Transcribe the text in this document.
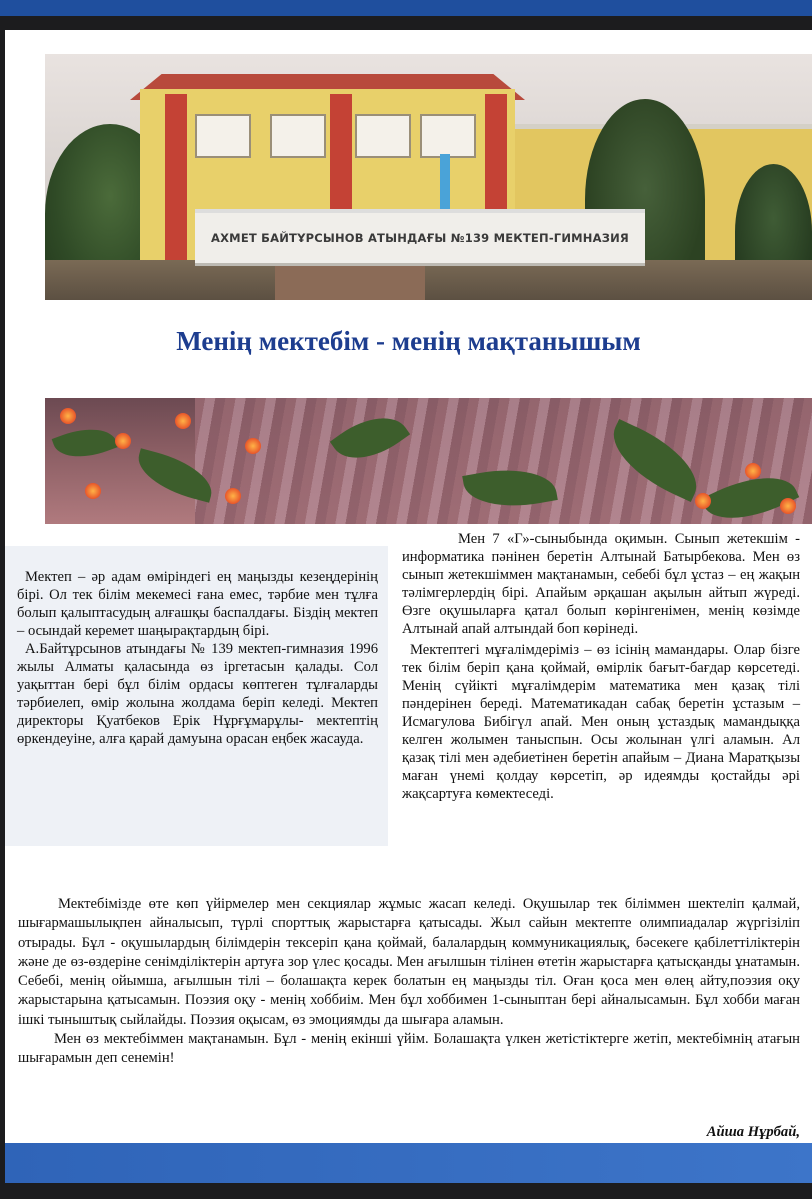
АХМЕТ БАЙТҰРСЫНОВ АТЫНДАҒЫ №139 МЕКТЕП-ГИМНАЗИЯ
Менің мектебім - менің мақтанышым

Мектеп – әр адам өміріндегі ең маңызды кезеңдерінің бірі. Ол тек білім мекемесі ғана емес, тәрбие мен тұлға болып қалыптасудың алғашқы баспалдағы. Біздің мектеп – осындай керемет шаңырақтардың бірі.

А.Байтұрсынов атындағы № 139 мектеп-гимназия 1996 жылы Алматы қаласында өз іргетасын қалады. Сол уақыттан бері бұл білім ордасы көптеген тұлғаларды тәрбиелеп, өмір жолына жолдама беріп келеді. Мектеп директоры Қуатбеков Ерік Нұрғұмарұлы- мектептің өркендеуіне, алға қарай дамуына орасан еңбек жасауда.

Мен 7 «Г»-сыныбында оқимын. Сынып жетекшім - информатика пәнінен беретін Алтынай Батырбекова. Мен өз сынып жетекшіммен мақтанамын, себебі бұл ұстаз – ең жақын тәлімгерлердің бірі. Апайым әрқашан ақылын айтып жүреді. Өзге оқушыларға қатал болып көрінгенімен, менің көзімде Алтынай апай алтындай боп көрінеді.

Мектептегі мұғалімдеріміз – өз ісінің мамандары. Олар бізге тек білім беріп қана қоймай, өмірлік бағыт-бағдар көрсетеді. Менің сүйікті мұғалімдерім математика мен қазақ тілі пәндерінен береді. Математикадан сабақ беретін ұстазым – Исмагулова Бибігүл апай. Мен оның ұстаздық мамандыққа келген жолымен таныспын. Осы жолынан үлгі аламын. Ал қазақ тілі мен әдебиетінен беретін апайым – Диана Маратқызы маған үнемі қолдау көрсетіп, әр идеямды қостайды әрі жақсартуға көмектеседі.

Мектебімізде өте көп үйірмелер мен секциялар жұмыс жасап келеді. Оқушылар тек біліммен шектеліп қалмай, шығармашылықпен айналысып, түрлі спорттық жарыстарға қатысады. Жыл сайын мектепте олимпиадалар жүргізіліп отырады. Бұл - оқушылардың білімдерін тексеріп қана қоймай, балалардың коммуникациялық, бәсекеге қабілеттіліктерін және де өз-өздеріне сенімділіктерін артуға зор үлес қосады. Мен ағылшын тілінен өтетін жарыстарға қатысқанды ұнатамын. Себебі, менің ойымша, ағылшын тілі – болашақта керек болатын ең маңызды тіл. Оған қоса мен өлең айту,поэзия оқу жарыстарына қатысамын. Поэзия оқу - менің хоббиім. Мен бұл хоббимен 1-сыныптан бері айналысамын. Бұл хобби маған ішкі тыныштық сыйлайды. Поэзия оқысам, өз эмоциямды да шығара аламын.

Мен өз мектебіммен мақтанамын. Бұл - менің екінші үйім. Болашақта үлкен жетістіктерге жетіп, мектебімнің атағын шығарамын деп сенемін!

Айша Нұрбай,
